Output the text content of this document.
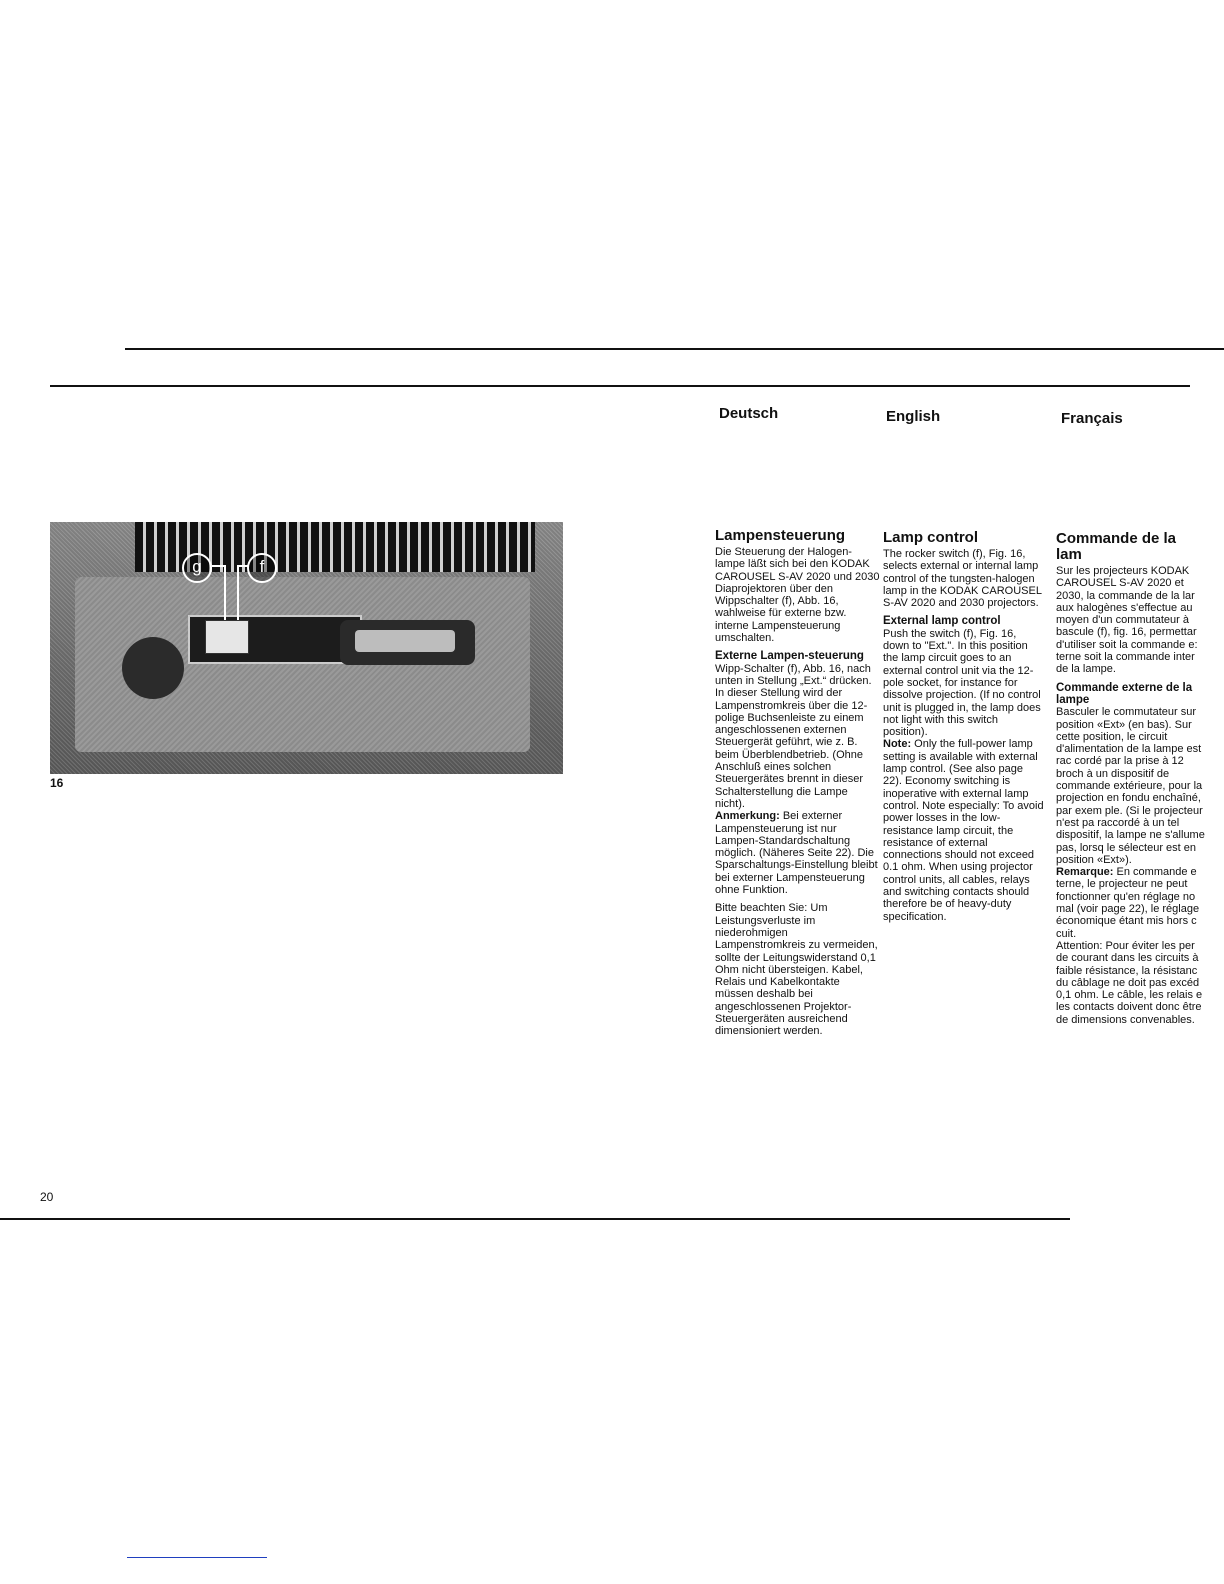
Deutsch	English	Français
g	f
16
Lampensteuerung

Die Steuerung der Halogen-lampe läßt sich bei den KODAK CAROUSEL S-AV 2020 und 2030 Diaprojektoren über den Wippschalter (f), Abb. 16, wahlweise für externe bzw. interne Lampensteuerung umschalten.

Externe Lampen-steuerung

Wipp-Schalter (f), Abb. 16, nach unten in Stellung „Ext.“ drücken. In dieser Stellung wird der Lampenstromkreis über die 12-polige Buchsenleiste zu einem angeschlossenen externen Steuergerät geführt, wie z. B. beim Überblendbetrieb. (Ohne Anschluß eines solchen Steuergerätes brennt in dieser Schalterstellung die Lampe nicht).

Anmerkung: Bei externer Lampensteuerung ist nur Lampen-Standardschaltung möglich. (Näheres Seite 22). Die Sparschaltungs-Einstellung bleibt bei externer Lampensteuerung ohne Funktion.

Bitte beachten Sie: Um Leistungsverluste im niederohmigen Lampenstromkreis zu vermeiden, sollte der Leitungswiderstand 0,1 Ohm nicht übersteigen. Kabel, Relais und Kabelkontakte müssen deshalb bei angeschlossenen Projektor-Steuergeräten ausreichend dimensioniert werden.

Lamp control

The rocker switch (f), Fig. 16, selects external or internal lamp control of the tungsten-halogen lamp in the KODAK CAROUSEL S-AV 2020 and 2030 projectors.

External lamp control

Push the switch (f), Fig. 16, down to "Ext.". In this position the lamp circuit goes to an external control unit via the 12-pole socket, for instance for dissolve projection. (If no control unit is plugged in, the lamp does not light with this switch position).

Note: Only the full-power lamp setting is available with external lamp control. (See also page 22). Economy switching is inoperative with external lamp control. Note especially: To avoid power losses in the low-resistance lamp circuit, the resistance of external connections should not exceed 0.1 ohm. When using projector control units, all cables, relays and switching contacts should therefore be of heavy-duty specification.

Commande de la lam

Sur les projecteurs KODAK CAROUSEL S-AV 2020 et 2030, la commande de la lar aux halogènes s'effectue au moyen d'un commutateur à bascule (f), fig. 16, permettar d'utiliser soit la commande e: terne soit la commande inter de la lampe.

Commande externe de la lampe

Basculer le commutateur sur position «Ext» (en bas). Sur cette position, le circuit d'alimentation de la lampe est rac cordé par la prise à 12 broch à un dispositif de commande extérieure, pour la projection en fondu enchaîné, par exem ple. (Si le projecteur n'est pa raccordé à un tel dispositif, la lampe ne s'allume pas, lorsq le sélecteur est en position «Ext»).

Remarque: En commande e terne, le projecteur ne peut fonctionner qu'en réglage no mal (voir page 22), le réglage économique étant mis hors c cuit.

Attention: Pour éviter les per de courant dans les circuits à faible résistance, la résistanc du câblage ne doit pas excéd 0,1 ohm. Le câble, les relais e les contacts doivent donc être de dimensions convenables.

20
